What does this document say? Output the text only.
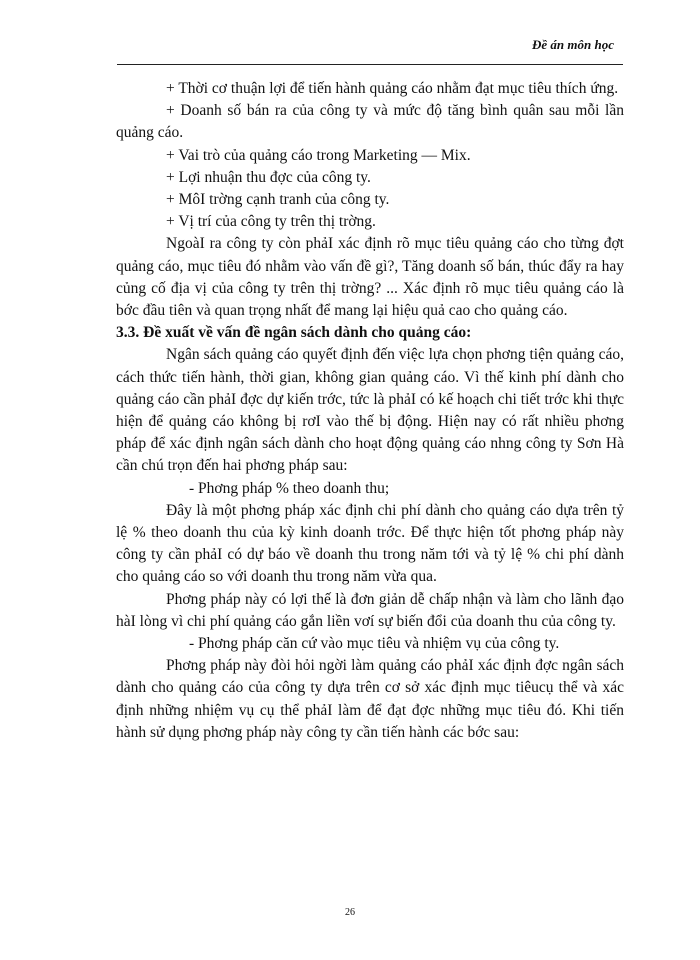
Đề án môn học

+ Thời cơ thuận lợi để tiến hành quảng cáo nhằm đạt mục tiêu thích ứng.

+ Doanh số bán ra của công ty và mức độ tăng bình quân sau mỗi lần quảng cáo.

+ Vai trò của quảng cáo trong Marketing — Mix.

+ Lợi nhuận thu đợc của công ty.

+ MôI trờng cạnh tranh của công ty.

+ Vị trí của công ty trên thị trờng.

NgoàI ra công ty còn phảI xác định rõ mục tiêu quảng cáo cho từng đợt quảng cáo, mục tiêu đó nhằm vào vấn đề gì?, Tăng doanh số bán, thúc đẩy ra hay củng cố địa vị của công ty trên thị trờng? ... Xác định rõ mục tiêu quảng cáo là bớc đầu tiên và quan trọng nhất để mang lại hiệu quả cao cho quảng cáo.

3.3. Đề xuất về vấn đề ngân sách dành cho quảng cáo:

Ngân sách quảng cáo quyết định đến việc lựa chọn phơng tiện quảng cáo, cách thức tiến hành, thời gian, không gian quảng cáo. Vì thế kinh phí dành cho quảng cáo cần phảI đợc dự kiến trớc, tức là phảI có kế hoạch chi tiết trớc khi thực hiện để quảng cáo không bị rơI vào thế bị động. Hiện nay có rất nhiều phơng pháp để xác định ngân sách dành cho hoạt động quảng cáo nhng công ty Sơn Hà cần chú trọn đến hai phơng pháp sau:

- Phơng pháp % theo doanh thu;

Đây là một phơng pháp xác định chi phí dành cho quảng cáo dựa trên tỷ lệ % theo doanh thu của kỳ kinh doanh trớc. Để thực hiện tốt phơng pháp này công ty cần phảI có dự báo về doanh thu trong năm tới và tỷ lệ % chi phí dành cho quảng cáo so với doanh thu trong năm vừa qua.

Phơng pháp này có lợi thế là đơn giản dễ chấp nhận và làm cho lãnh đạo hàI lòng vì chi phí quảng cáo gắn liền vơí sự biến đổi của doanh thu của công ty.

- Phơng pháp căn cứ vào mục tiêu và nhiệm vụ của công ty.

Phơng pháp này đòi hỏi ngời làm quảng cáo phảI xác định đợc ngân sách dành cho quảng cáo của công ty dựa trên cơ sở xác định mục tiêucụ thể và xác định những nhiệm vụ cụ thể phảI làm để đạt đợc những mục tiêu đó. Khi tiến hành sử dụng phơng pháp này công ty cần tiến hành các bớc sau:

26
